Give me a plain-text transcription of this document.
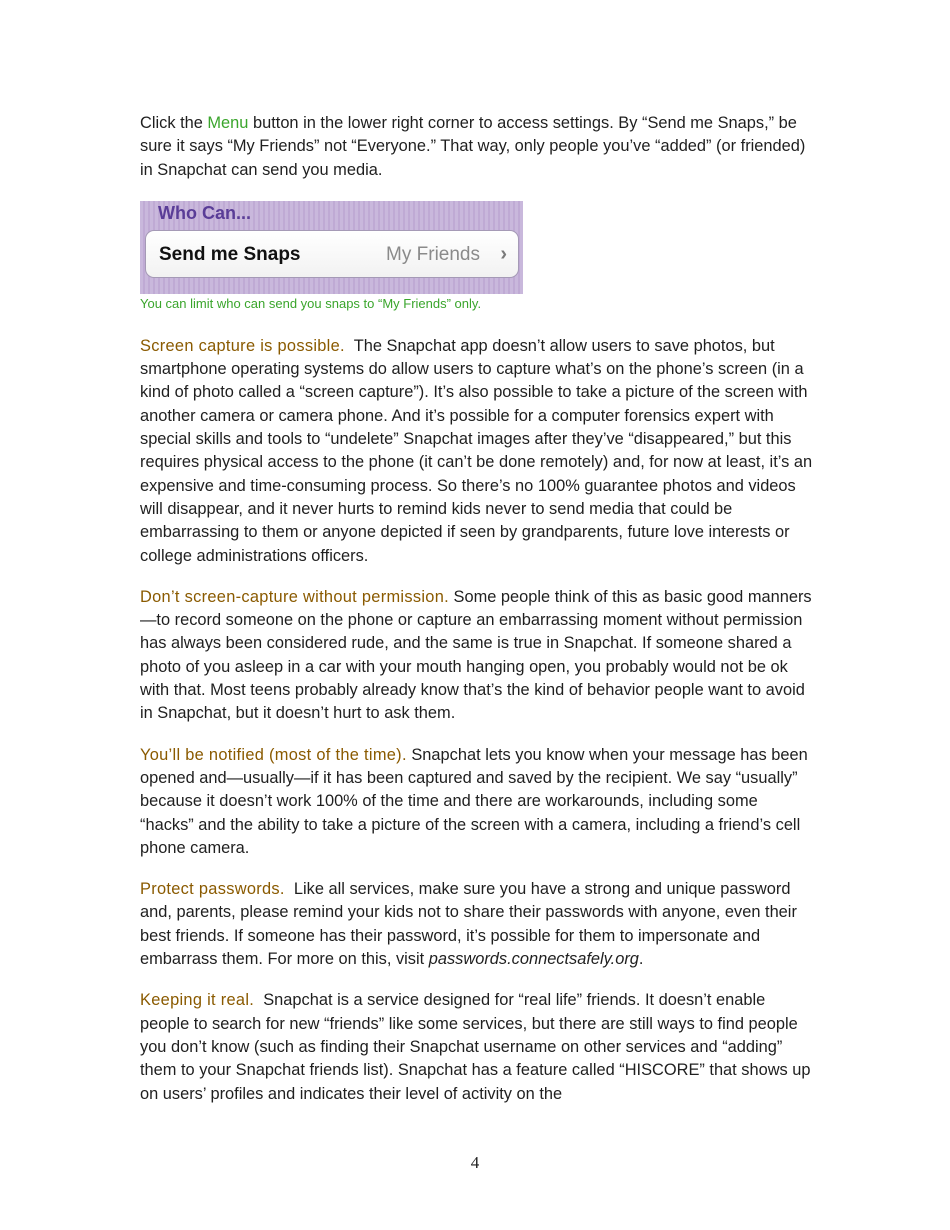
Click the Menu button in the lower right corner to access settings. By “Send me Snaps,” be sure it says “My Friends” not “Everyone.” That way, only people you’ve “added” (or friended) in Snapchat can send you media.

Who Can...
Send me Snaps	My Friends ›
You can limit who can send you snaps to “My Friends” only.

Screen capture is possible. The Snapchat app doesn’t allow users to save photos, but smartphone operating systems do allow users to capture what’s on the phone’s screen (in a kind of photo called a “screen capture”). It’s also possible to take a picture of the screen with another camera or camera phone. And it’s possible for a computer forensics expert with special skills and tools to “undelete” Snapchat images after they’ve “disappeared,” but this requires physical access to the phone (it can’t be done remotely) and, for now at least, it’s an expensive and time-consuming process. So there’s no 100% guarantee photos and videos will disappear, and it never hurts to remind kids never to send media that could be embarrassing to them or anyone depicted if seen by grandparents, future love interests or college administrations officers.

Don’t screen-capture without permission. Some people think of this as basic good manners—to record someone on the phone or capture an embarrassing moment without permission has always been considered rude, and the same is true in Snapchat. If someone shared a photo of you asleep in a car with your mouth hanging open, you probably would not be ok with that. Most teens probably already know that’s the kind of behavior people want to avoid in Snapchat, but it doesn’t hurt to ask them.

You’ll be notified (most of the time). Snapchat lets you know when your message has been opened and—usually—if it has been captured and saved by the recipient. We say “usually” because it doesn’t work 100% of the time and there are workarounds, including some “hacks” and the ability to take a picture of the screen with a camera, including a friend’s cell phone camera.

Protect passwords. Like all services, make sure you have a strong and unique password and, parents, please remind your kids not to share their passwords with anyone, even their best friends. If someone has their password, it’s possible for them to impersonate and embarrass them. For more on this, visit passwords.connectsafely.org.

Keeping it real. Snapchat is a service designed for “real life” friends. It doesn’t enable people to search for new “friends” like some services, but there are still ways to find people you don’t know (such as finding their Snapchat username on other services and “adding” them to your Snapchat friends list). Snapchat has a feature called “HISCORE” that shows up on users’ profiles and indicates their level of activity on the

4
